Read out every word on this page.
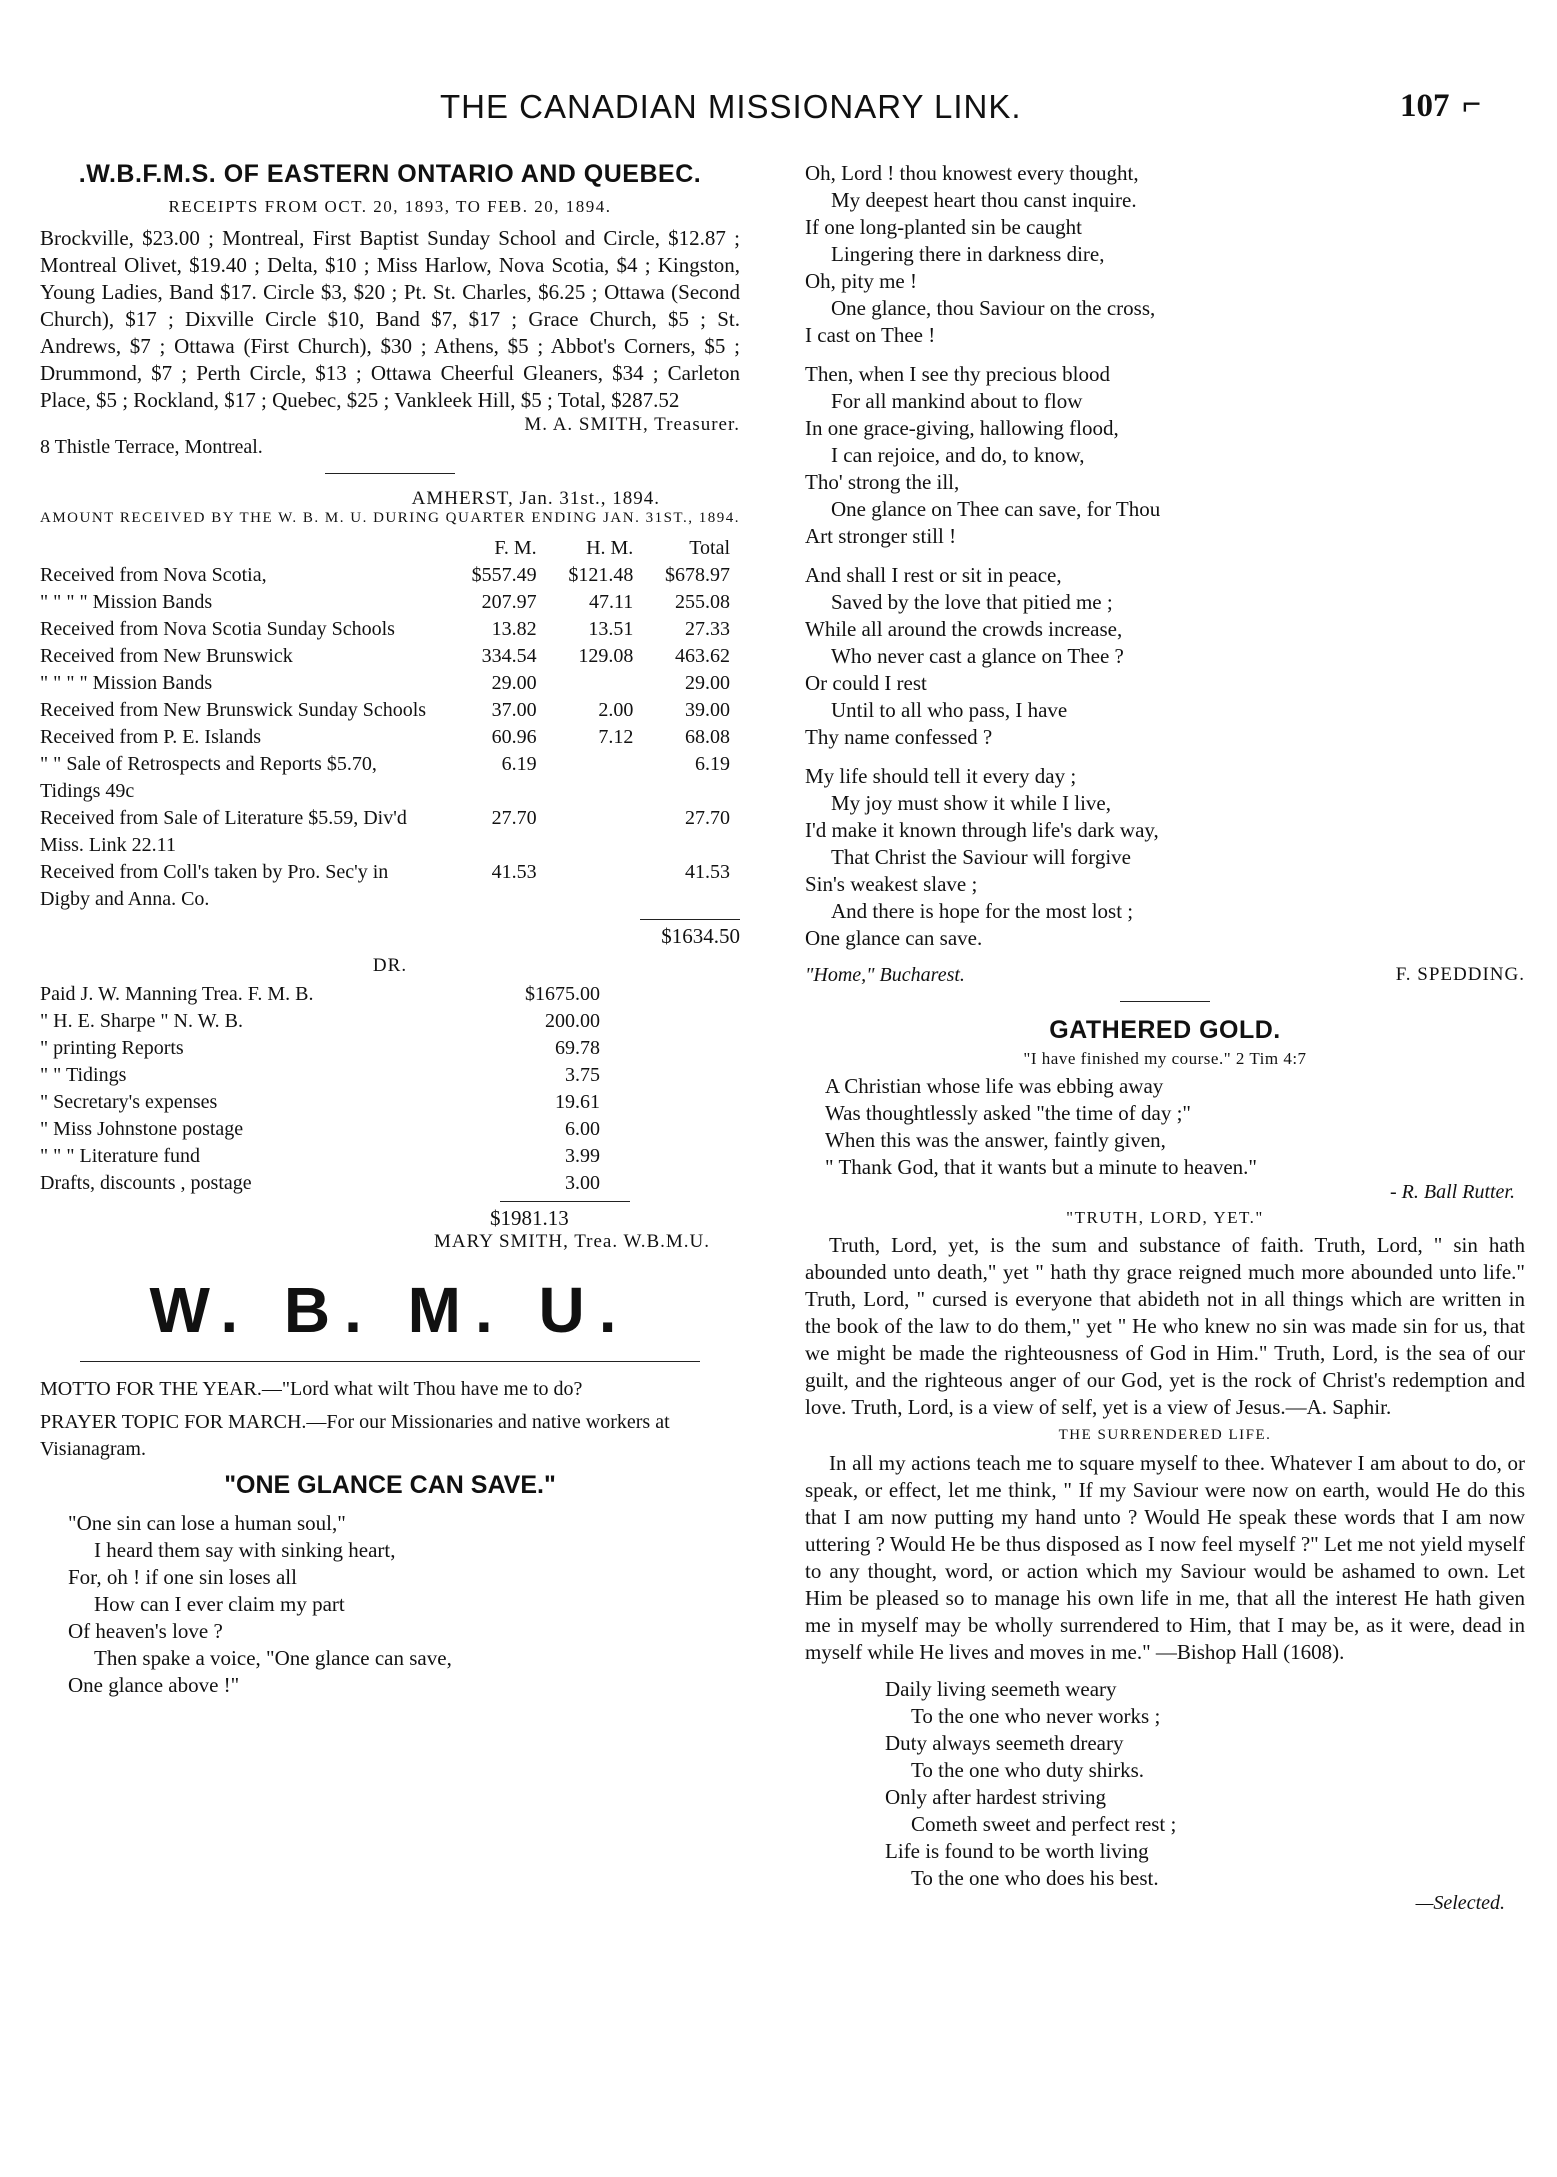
THE CANADIAN MISSIONARY LINK.	107 ⌐
.W.B.F.M.S. OF EASTERN ONTARIO AND QUEBEC.
RECEIPTS FROM OCT. 20, 1893, TO FEB. 20, 1894.

Brockville, $23.00 ; Montreal, First Baptist Sunday School and Circle, $12.87 ; Montreal Olivet, $19.40 ; Delta, $10 ; Miss Harlow, Nova Scotia, $4 ; Kingston, Young Ladies, Band $17. Circle $3, $20 ; Pt. St. Charles, $6.25 ; Ottawa (Second Church), $17 ; Dixville Circle $10, Band $7, $17 ; Grace Church, $5 ; St. Andrews, $7 ; Ottawa (First Church), $30 ; Athens, $5 ; Abbot's Corners, $5 ; Drummond, $7 ; Perth Circle, $13 ; Ottawa Cheerful Gleaners, $34 ; Carleton Place, $5 ; Rockland, $17 ; Quebec, $25 ; Vankleek Hill, $5 ; Total, $287.52

M. A. SMITH, Treasurer.
8 Thistle Terrace, Montreal.
AMHERST, Jan. 31st., 1894.
AMOUNT RECEIVED BY THE W. B. M. U. DURING QUARTER ENDING JAN. 31ST., 1894.
	F. M.	H. M.	Total
Received from Nova Scotia,	$557.49	$121.48	$678.97
" " " " Mission Bands	207.97	47.11	255.08
Received from Nova Scotia Sunday Schools	13.82	13.51	27.33
Received from New Brunswick	334.54	129.08	463.62
" " " " Mission Bands	29.00		29.00
Received from New Brunswick Sunday Schools	37.00	2.00	39.00
Received from P. E. Islands	60.96	7.12	68.08
" " Sale of Retrospects and Reports $5.70, Tidings 49c	6.19		6.19
Received from Sale of Literature $5.59, Div'd Miss. Link 22.11	27.70		27.70
Received from Coll's taken by Pro. Sec'y in Digby and Anna. Co.	41.53		41.53
$1634.50
DR.
Paid J. W. Manning Trea. F. M. B.	$1675.00
" H. E. Sharpe " N. W. B.	200.00
" printing Reports	69.78
" " Tidings	3.75
" Secretary's expenses	19.61
" Miss Johnstone postage	6.00
" " " Literature fund	3.99
Drafts, discounts , postage	3.00
$1981.13
MARY SMITH, Trea. W.B.M.U.
W. B. M. U.

MOTTO FOR THE YEAR.—"Lord what wilt Thou have me to do?

PRAYER TOPIC FOR MARCH.—For our Missionaries and native workers at Visianagram.

"ONE GLANCE CAN SAVE."
"One sin can lose a human soul,"
I heard them say with sinking heart,
For, oh ! if one sin loses all
How can I ever claim my part
Of heaven's love ?
Then spake a voice, "One glance can save,
One glance above !"
Oh, Lord ! thou knowest every thought,
My deepest heart thou canst inquire.
If one long-planted sin be caught
Lingering there in darkness dire,
Oh, pity me !
One glance, thou Saviour on the cross,
I cast on Thee !
Then, when I see thy precious blood
For all mankind about to flow
In one grace-giving, hallowing flood,
I can rejoice, and do, to know,
Tho' strong the ill,
One glance on Thee can save, for Thou
Art stronger still !
And shall I rest or sit in peace,
Saved by the love that pitied me ;
While all around the crowds increase,
Who never cast a glance on Thee ?
Or could I rest
Until to all who pass, I have
Thy name confessed ?
My life should tell it every day ;
My joy must show it while I live,
I'd make it known through life's dark way,
That Christ the Saviour will forgive
Sin's weakest slave ;
And there is hope for the most lost ;
One glance can save.
"Home," Bucharest.	F. SPEDDING.
GATHERED GOLD.
"I have finished my course." 2 Tim 4:7
A Christian whose life was ebbing away
Was thoughtlessly asked "the time of day ;"
When this was the answer, faintly given,
" Thank God, that it wants but a minute to heaven."
- R. Ball Rutter.
"TRUTH, LORD, YET."

Truth, Lord, yet, is the sum and substance of faith. Truth, Lord, " sin hath abounded unto death," yet " hath thy grace reigned much more abounded unto life." Truth, Lord, " cursed is everyone that abideth not in all things which are written in the book of the law to do them," yet " He who knew no sin was made sin for us, that we might be made the righteousness of God in Him." Truth, Lord, is the sea of our guilt, and the righteous anger of our God, yet is the rock of Christ's redemption and love. Truth, Lord, is a view of self, yet is a view of Jesus.—A. Saphir.

THE SURRENDERED LIFE.

In all my actions teach me to square myself to thee. Whatever I am about to do, or speak, or effect, let me think, " If my Saviour were now on earth, would He do this that I am now putting my hand unto ? Would He speak these words that I am now uttering ? Would He be thus disposed as I now feel myself ?" Let me not yield myself to any thought, word, or action which my Saviour would be ashamed to own. Let Him be pleased so to manage his own life in me, that all the interest He hath given me in myself may be wholly surrendered to Him, that I may be, as it were, dead in myself while He lives and moves in me." —Bishop Hall (1608).

Daily living seemeth weary
To the one who never works ;
Duty always seemeth dreary
To the one who duty shirks.
Only after hardest striving
Cometh sweet and perfect rest ;
Life is found to be worth living
To the one who does his best.
—Selected.
